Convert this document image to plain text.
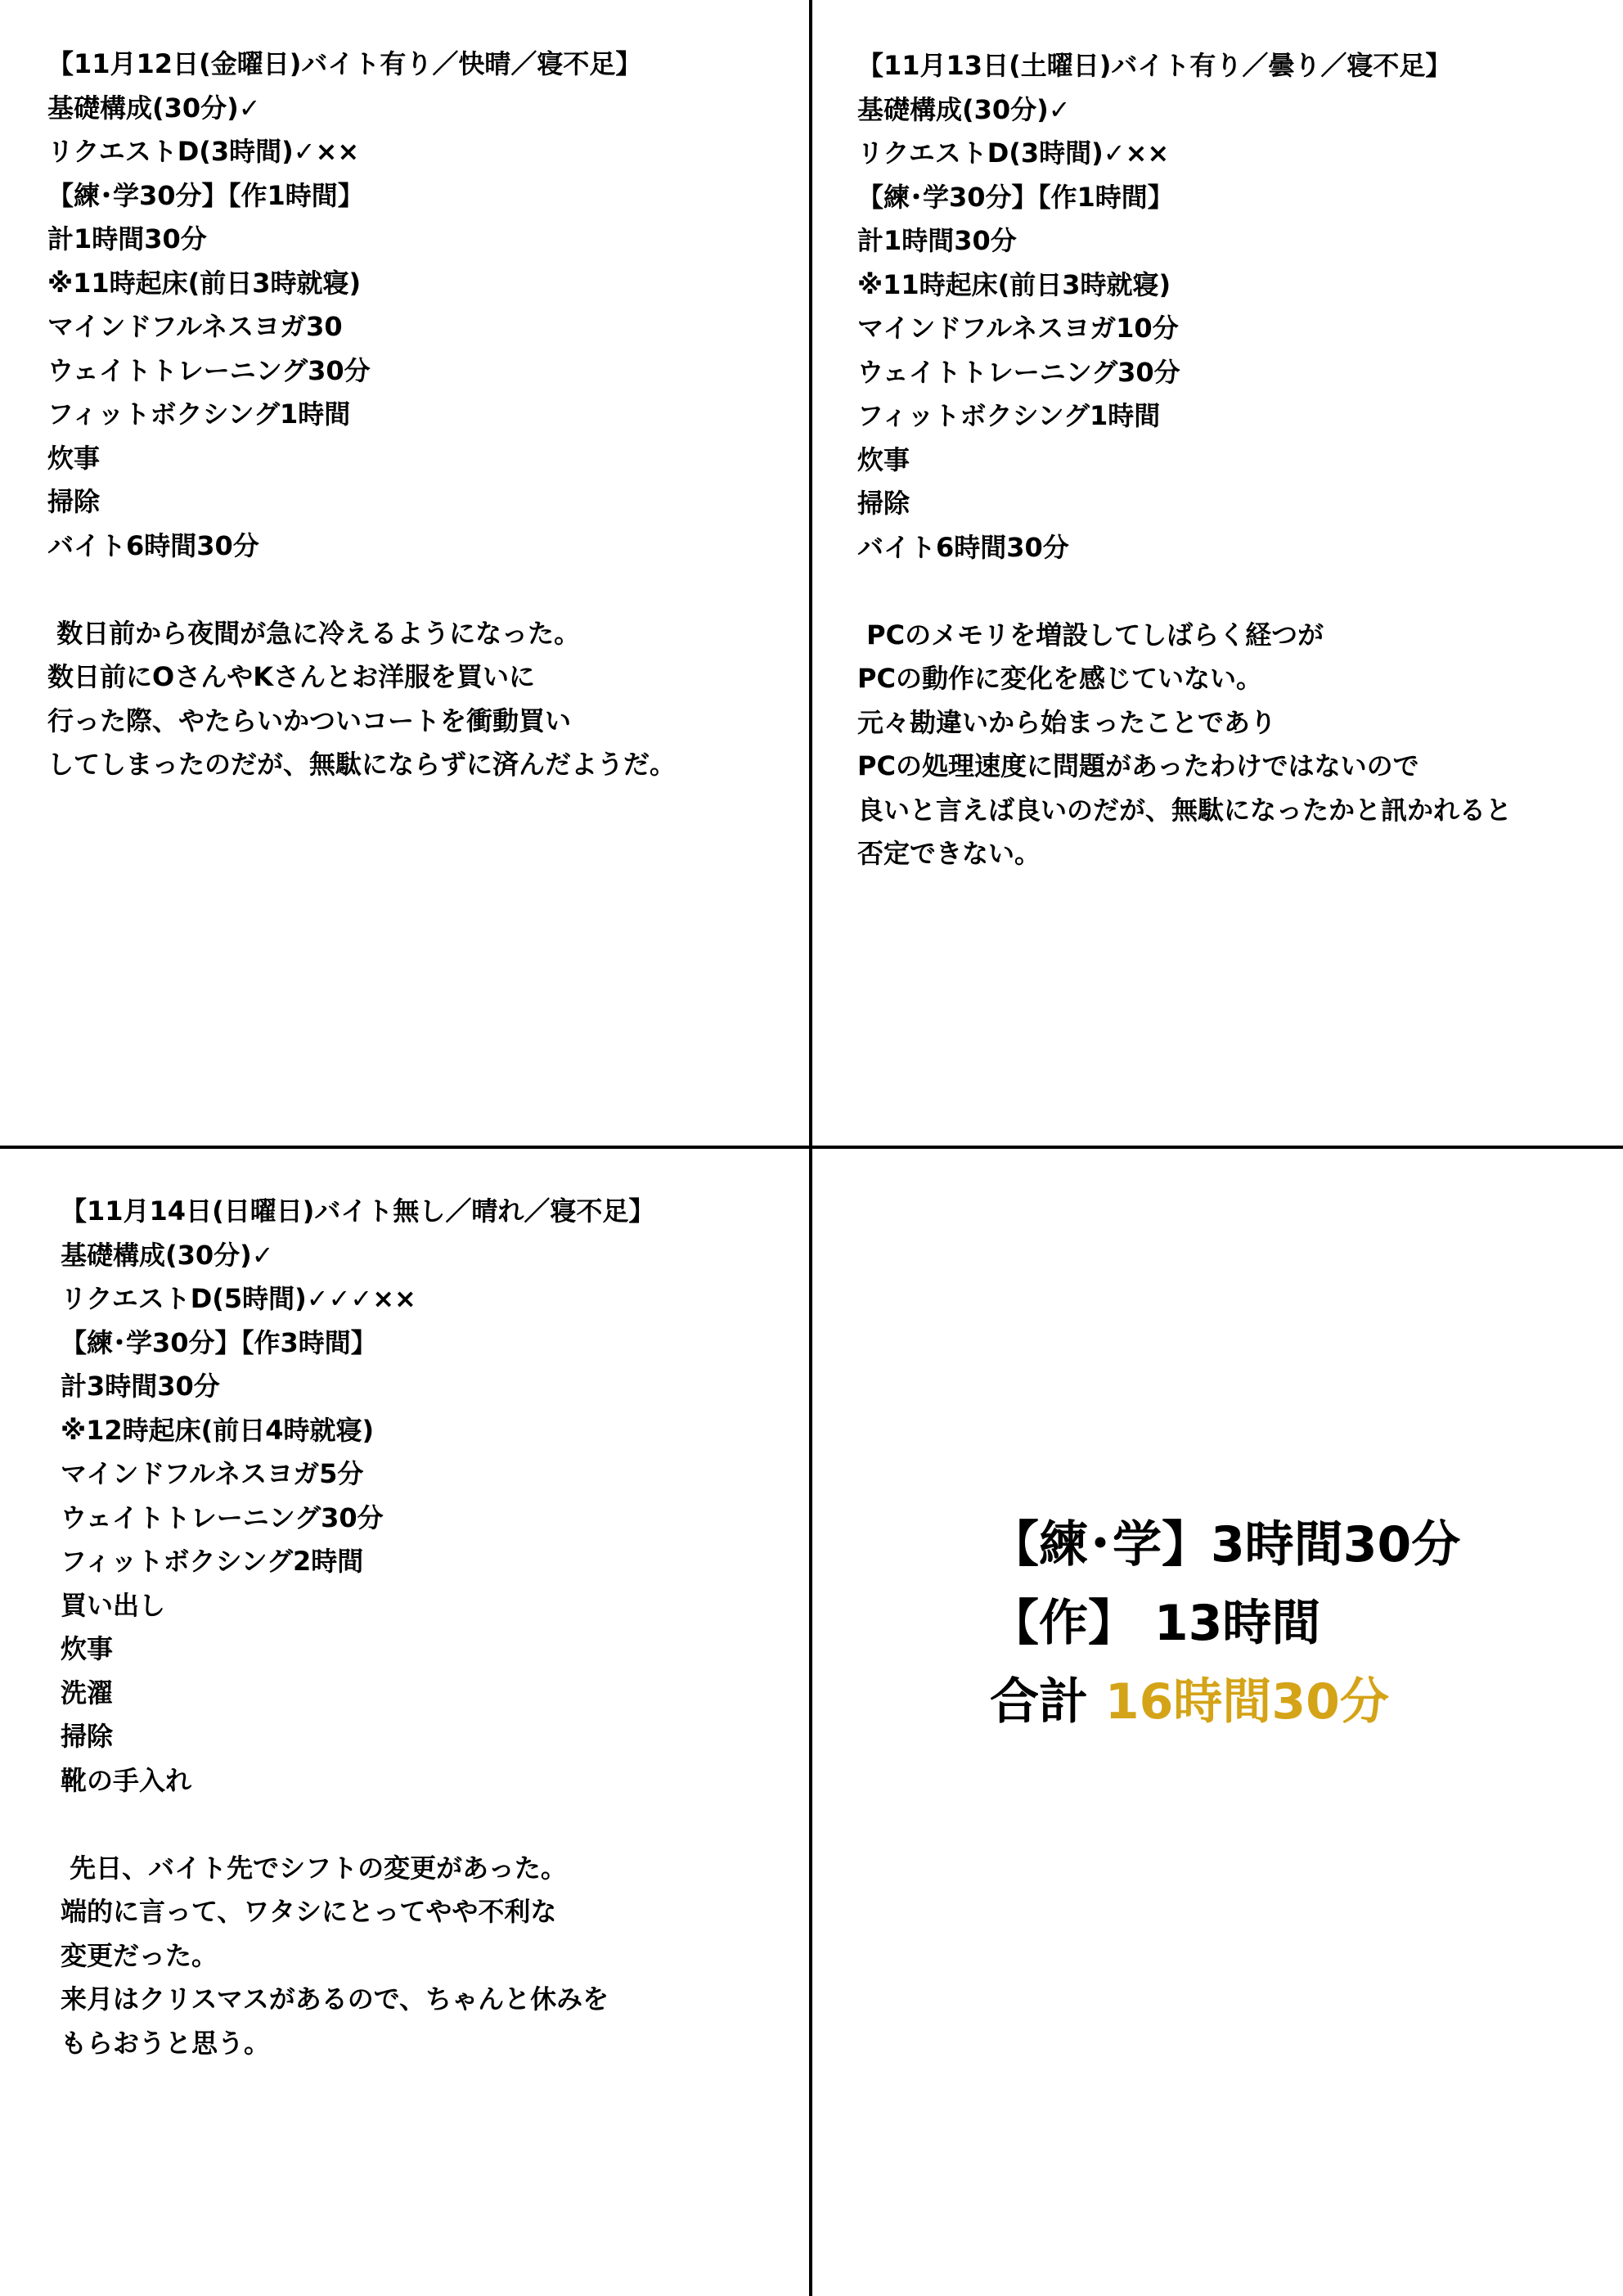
【11月12日(金曜日)バイト有り／快晴／寝不足】
基礎構成(30分)✓
リクエストD(3時間)✓××
【練･学30分】【作1時間】
計1時間30分
※11時起床(前日3時就寝)
マインドフルネスヨガ30
ウェイトトレーニング30分
フィットボクシング1時間
炊事
掃除
バイト6時間30分
数日前から夜間が急に冷えるようになった。
数日前にOさんやKさんとお洋服を買いに
行った際、やたらいかついコートを衝動買い
してしまったのだが、無駄にならずに済んだようだ。
【11月13日(土曜日)バイト有り／曇り／寝不足】
基礎構成(30分)✓
リクエストD(3時間)✓××
【練･学30分】【作1時間】
計1時間30分
※11時起床(前日3時就寝)
マインドフルネスヨガ10分
ウェイトトレーニング30分
フィットボクシング1時間
炊事
掃除
バイト6時間30分
PCのメモリを増設してしばらく経つが
PCの動作に変化を感じていない。
元々勘違いから始まったことであり
PCの処理速度に問題があったわけではないので
良いと言えば良いのだが、無駄になったかと訊かれると
否定できない。
【11月14日(日曜日)バイト無し／晴れ／寝不足】
基礎構成(30分)✓
リクエストD(5時間)✓✓✓××
【練･学30分】【作3時間】
計3時間30分
※12時起床(前日4時就寝)
マインドフルネスヨガ5分
ウェイトトレーニング30分
フィットボクシング2時間
買い出し
炊事
洗濯
掃除
靴の手入れ
先日、バイト先でシフトの変更があった。
端的に言って、ワタシにとってやや不利な
変更だった。
来月はクリスマスがあるので、ちゃんと休みを
もらおうと思う。
【練･学】3時間30分
【作】 13時間
合計 16時間30分
